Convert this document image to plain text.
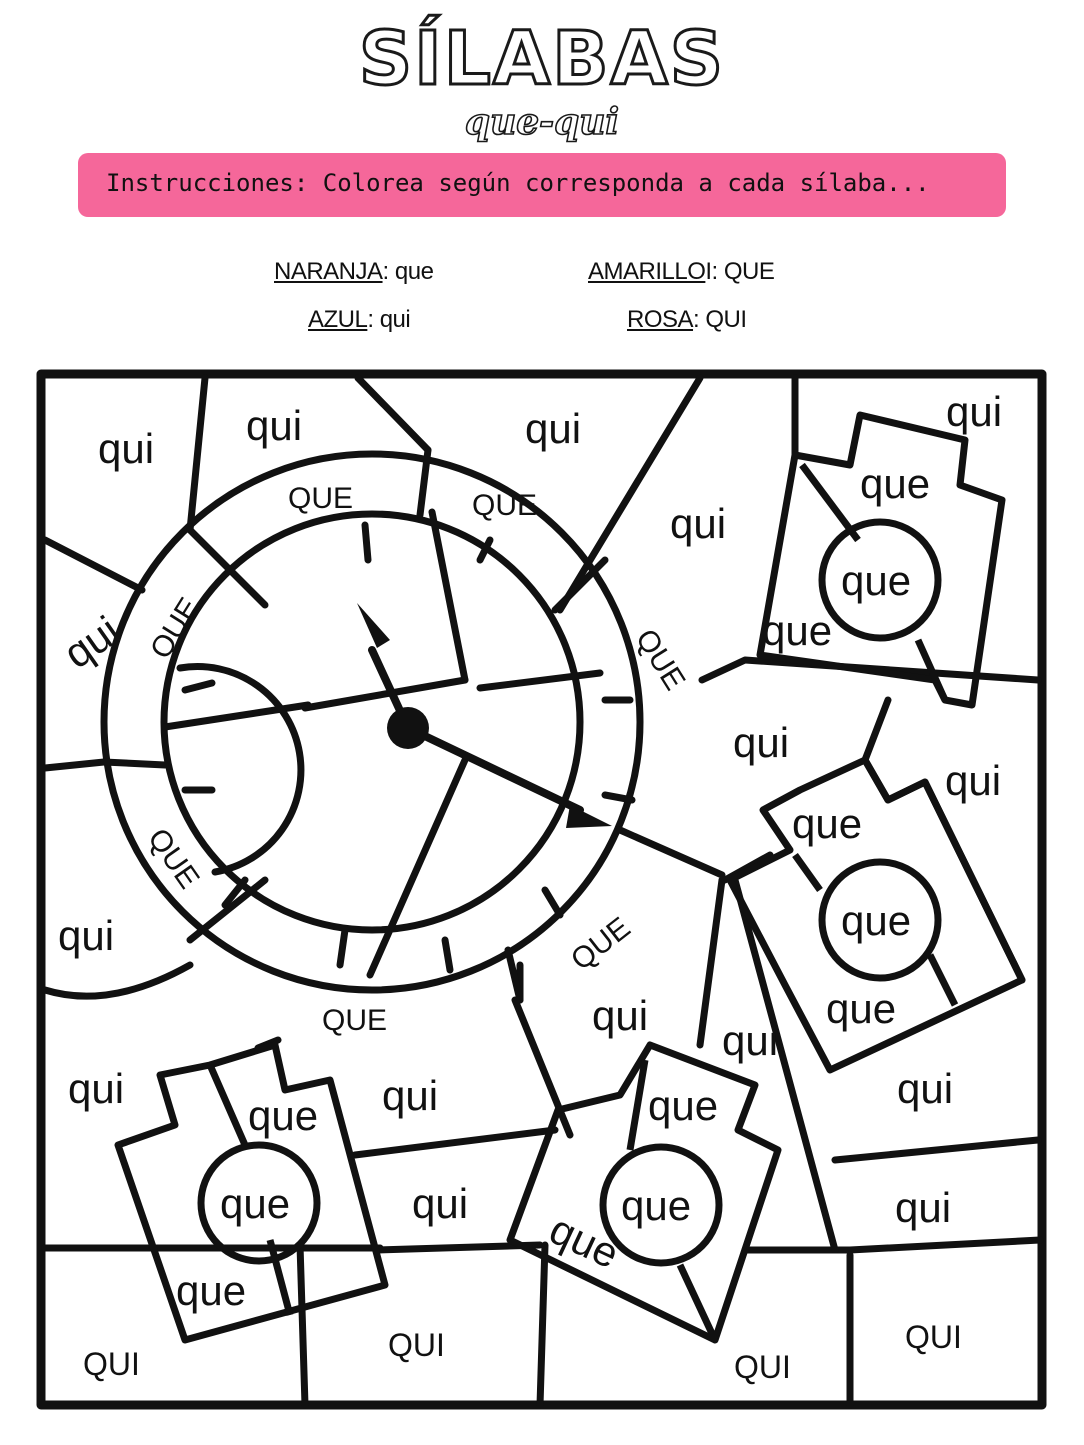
SÍLABAS
que-qui
Instrucciones: Colorea según corresponda a cada sílaba...
NARANJA: que	AMARILLOI: QUE
AZUL: qui	ROSA: QUI
qui qui	qui	qui
qui
qui
qui
qui
qui
qui
qui
qui	qui	qui
qui	qui
QUE	QUE
QUE	QUE
QUE
QUE
QUE
que
que
que
que
que
que
que
que
que
que
que
que
QUI
QUI
QUI
QUI
